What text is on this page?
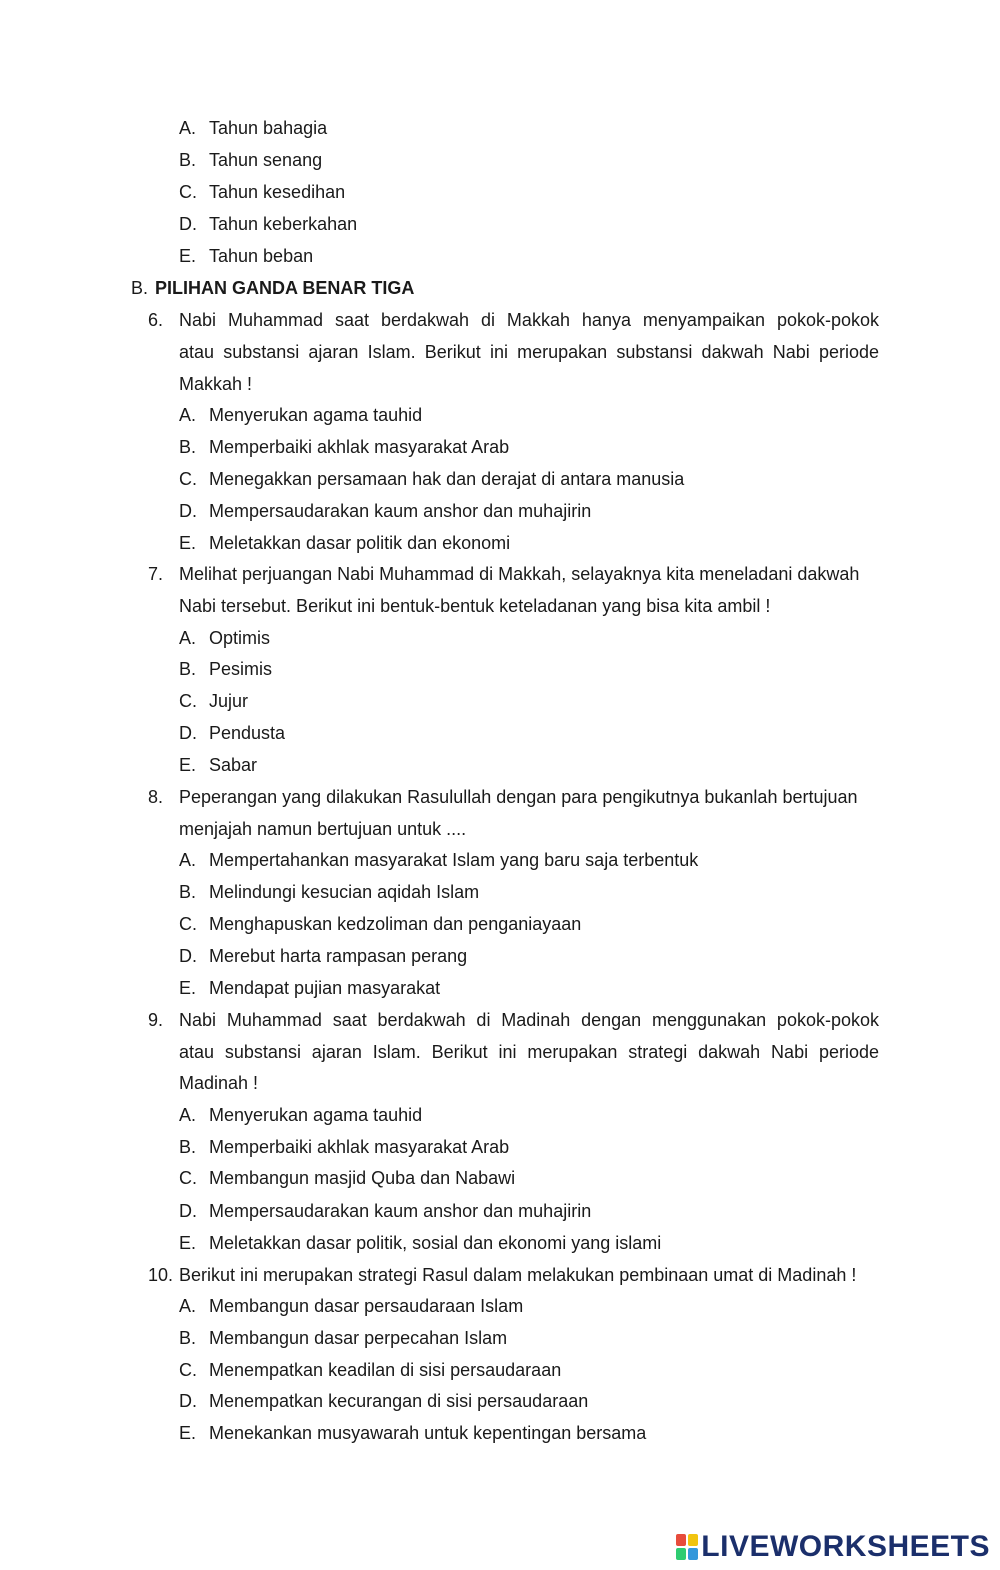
A. Tahun bahagia
B. Tahun senang
C. Tahun kesedihan
D. Tahun keberkahan
E. Tahun beban
B. PILIHAN GANDA BENAR TIGA
6. Nabi Muhammad saat berdakwah di Makkah hanya menyampaikan pokok-pokok
atau substansi ajaran Islam. Berikut ini merupakan substansi dakwah Nabi periode
Makkah !
A. Menyerukan agama tauhid
B. Memperbaiki akhlak masyarakat Arab
C. Menegakkan persamaan hak dan derajat di antara manusia
D. Mempersaudarakan kaum anshor dan muhajirin
E. Meletakkan dasar politik dan ekonomi
7. Melihat perjuangan Nabi Muhammad di Makkah, selayaknya kita meneladani dakwah
Nabi tersebut. Berikut ini bentuk-bentuk keteladanan yang bisa kita ambil !
A. Optimis
B. Pesimis
C. Jujur
D. Pendusta
E. Sabar
8. Peperangan yang dilakukan Rasulullah dengan para pengikutnya bukanlah bertujuan
menjajah namun bertujuan untuk ....
A. Mempertahankan masyarakat Islam yang baru saja terbentuk
B. Melindungi kesucian aqidah Islam
C. Menghapuskan kedzoliman dan penganiayaan
D. Merebut harta rampasan perang
E. Mendapat pujian masyarakat
9. Nabi Muhammad saat berdakwah di Madinah dengan menggunakan pokok-pokok
atau substansi ajaran Islam. Berikut ini merupakan strategi dakwah Nabi periode
Madinah !
A. Menyerukan agama tauhid
B. Memperbaiki akhlak masyarakat Arab
C. Membangun masjid Quba dan Nabawi
D. Mempersaudarakan kaum anshor dan muhajirin
E. Meletakkan dasar politik, sosial dan ekonomi yang islami
10. Berikut ini merupakan strategi Rasul dalam melakukan pembinaan umat di Madinah !
A. Membangun dasar persaudaraan Islam
B. Membangun dasar perpecahan Islam
C. Menempatkan keadilan di sisi persaudaraan
D. Menempatkan kecurangan di sisi persaudaraan
E. Menekankan musyawarah untuk kepentingan bersama
LIVEWORKSHEETS
